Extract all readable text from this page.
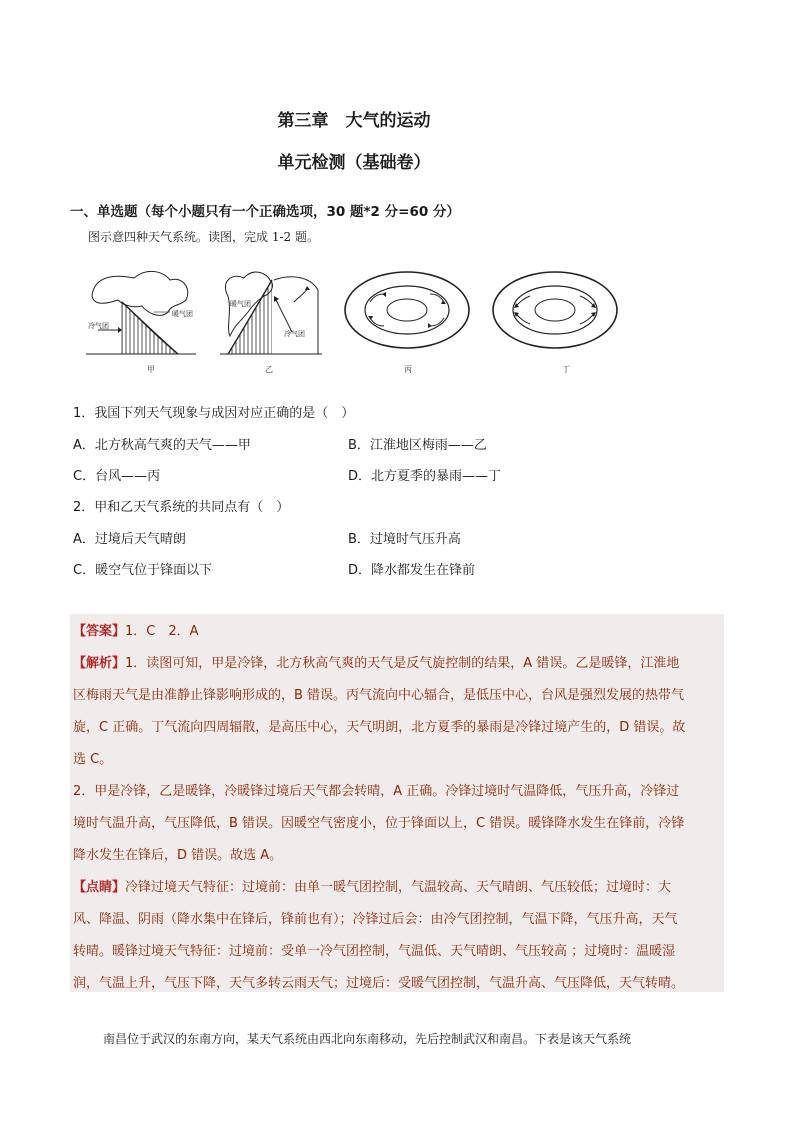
第三章　大气的运动
单元检测（基础卷）
一、单选题（每个小题只有一个正确选项，30 题*2 分=60 分）
图示意四种天气系统。读图，完成 1-2 题。
冷气团
暖气团
暖气团
冷气团
甲	乙	丙	丁
1．我国下列天气现象与成因对应正确的是（　）
A．北方秋高气爽的天气——甲	B．江淮地区梅雨——乙
C．台风——丙	D．北方夏季的暴雨——丁
2．甲和乙天气系统的共同点有（　）
A．过境后天气晴朗	B．过境时气压升高
C．暖空气位于锋面以下	D．降水都发生在锋前
【答案】1．C　2．A
【解析】1．读图可知，甲是冷锋，北方秋高气爽的天气是反气旋控制的结果，A 错误。乙是暖锋，江淮地
区梅雨天气是由准静止锋影响形成的，B 错误。丙气流向中心辐合，是低压中心，台风是强烈发展的热带气
旋，C 正确。丁气流向四周辐散，是高压中心，天气明朗，北方夏季的暴雨是冷锋过境产生的，D 错误。故
选 C。
2．甲是冷锋，乙是暖锋，冷暖锋过境后天气都会转晴，A 正确。冷锋过境时气温降低，气压升高，冷锋过
境时气温升高，气压降低，B 错误。因暖空气密度小，位于锋面以上，C 错误。暖锋降水发生在锋前，冷锋
降水发生在锋后，D 错误。故选 A。
【点睛】冷锋过境天气特征：过境前：由单一暖气团控制，气温较高、天气晴朗、气压较低；过境时：大
风、降温、阴雨（降水集中在锋后，锋前也有）；冷锋过后会：由冷气团控制，气温下降，气压升高，天气
转晴。暖锋过境天气特征：过境前：受单一冷气团控制，气温低、天气晴朗、气压较高 ；过境时：温暖湿
南昌位于武汉的东南方向，某天气系统由西北向东南移动，先后控制武汉和南昌。下表是该天气系统
润，气温上升，气压下降，天气多转云雨天气；过境后：受暖气团控制，气温升高、气压降低，天气转晴。
